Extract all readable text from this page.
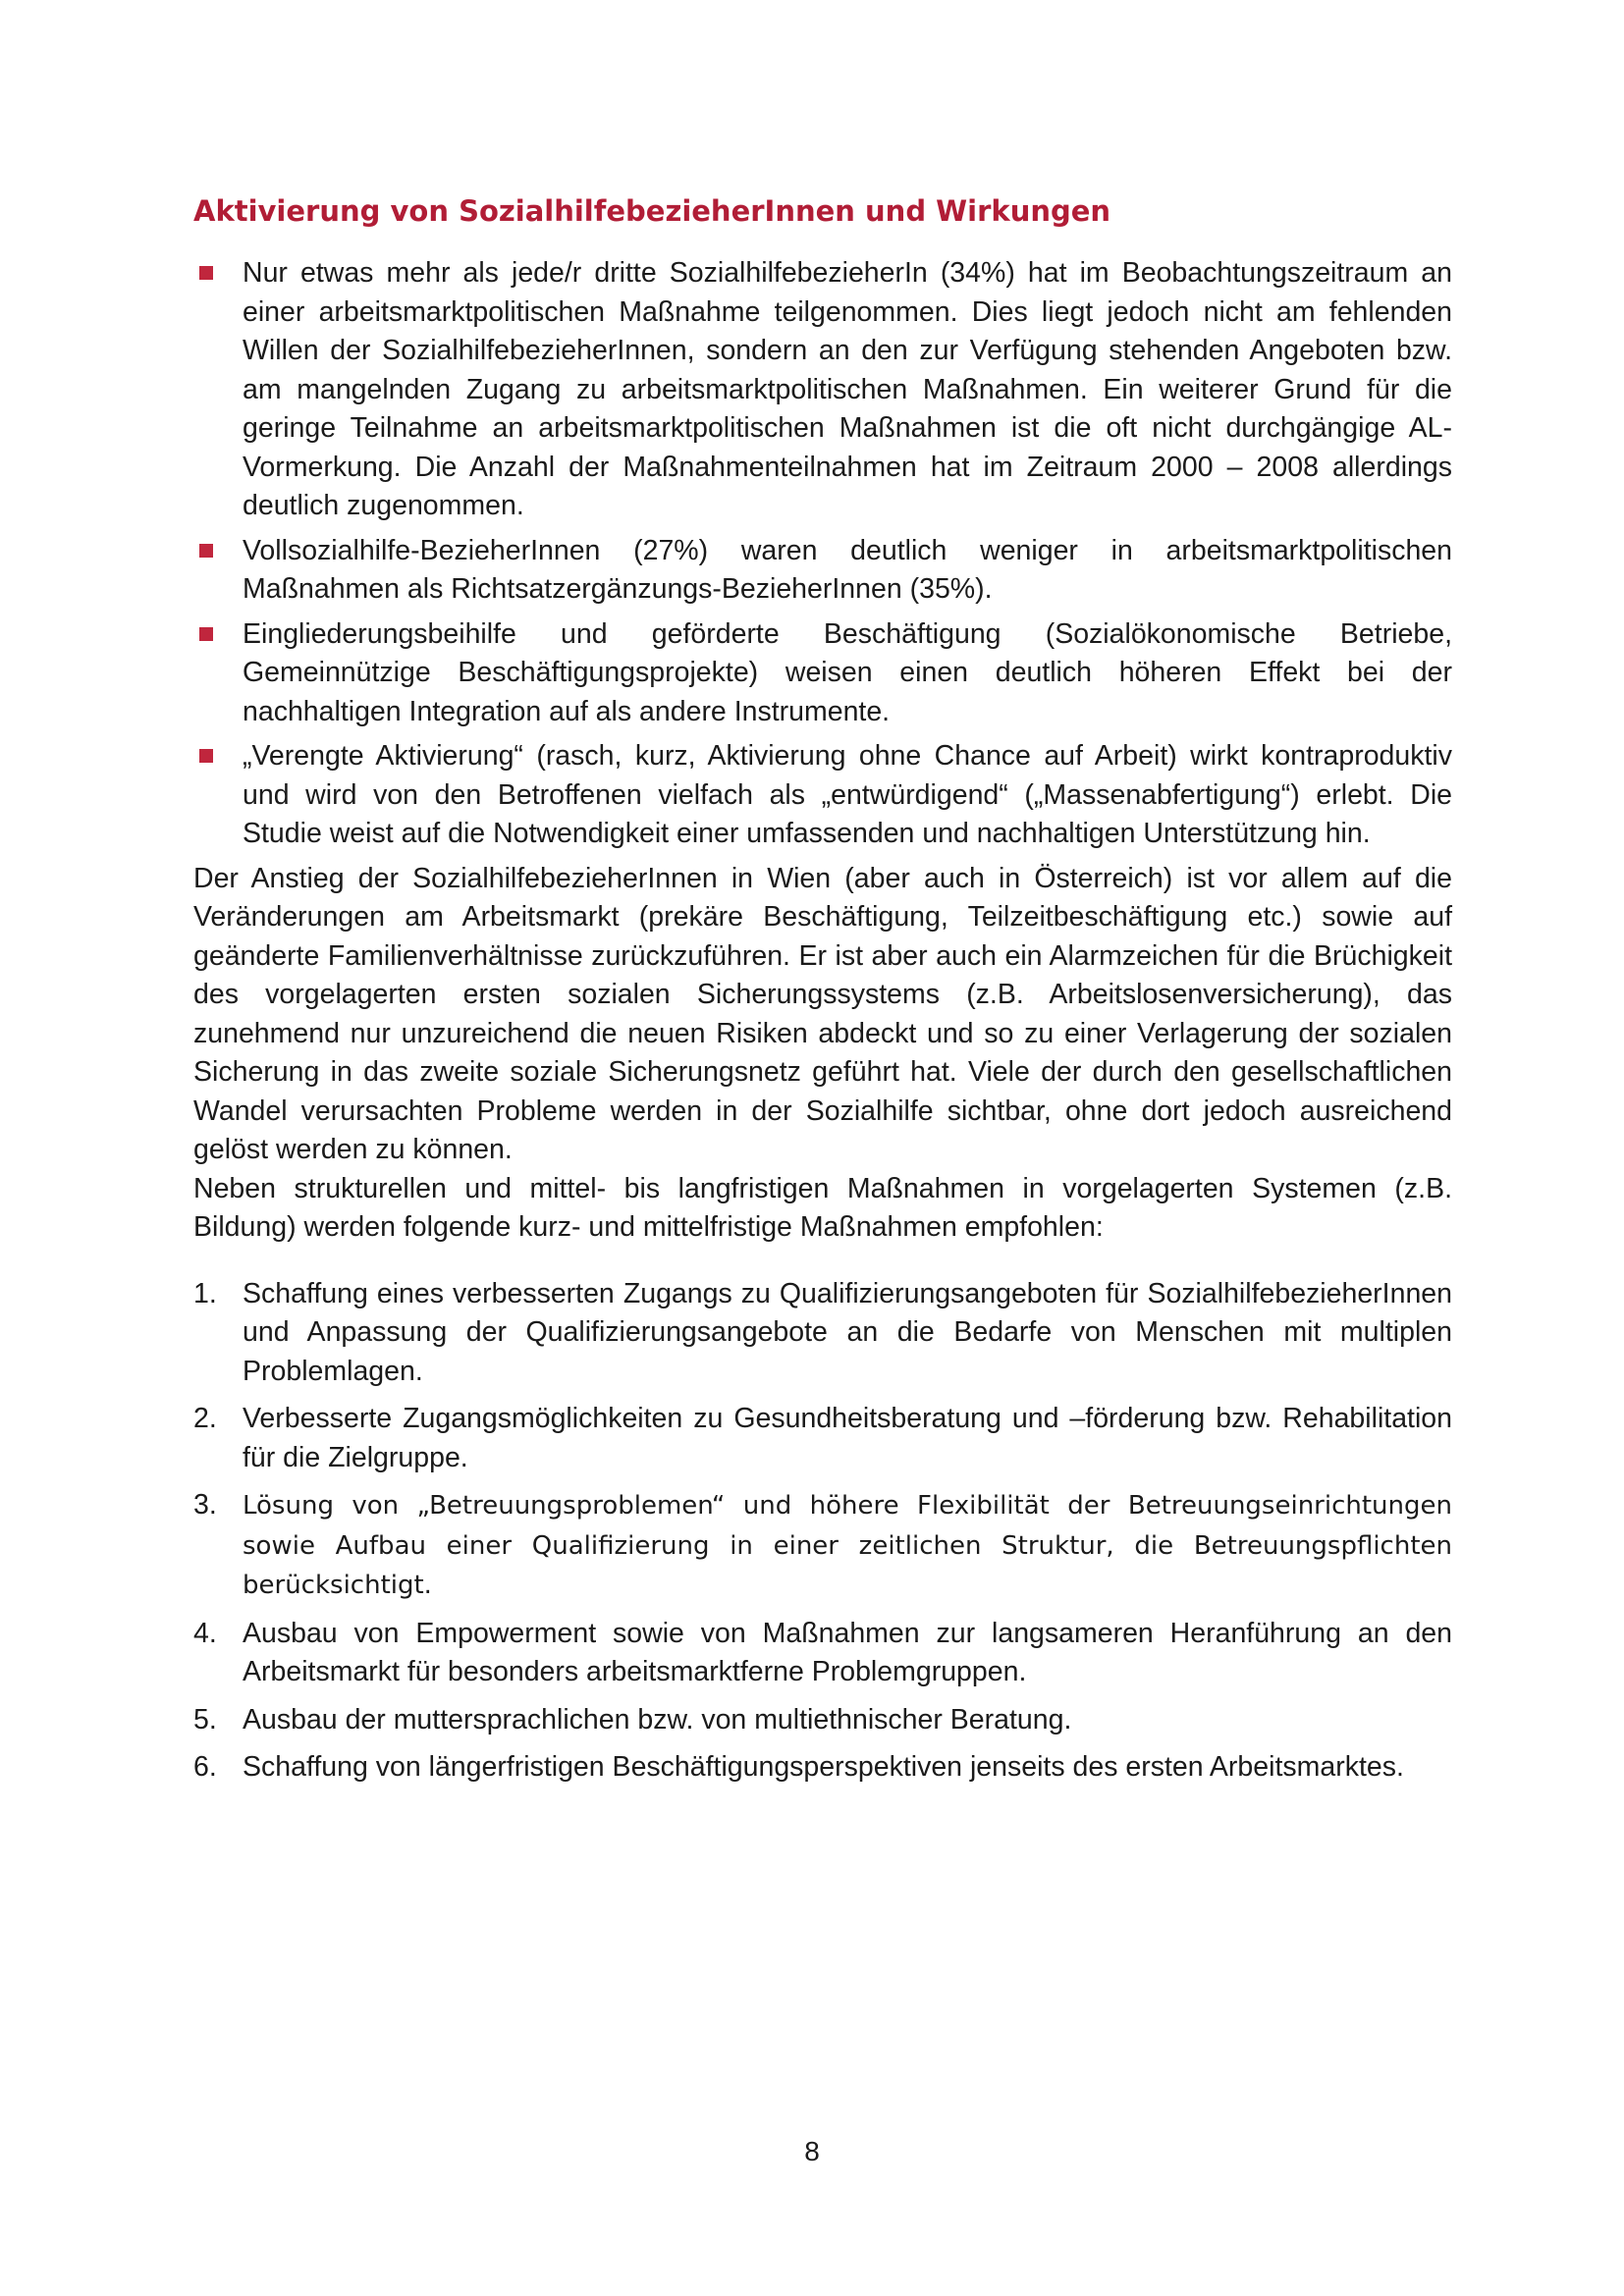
Aktivierung von SozialhilfebezieherInnen und Wirkungen
Nur etwas mehr als jede/r dritte SozialhilfebezieherIn (34%) hat im Beobachtungszeitraum an einer arbeitsmarktpolitischen Maßnahme teilgenommen. Dies liegt jedoch nicht am fehlenden Willen der SozialhilfebezieherInnen, sondern an den zur Verfügung stehenden Angeboten bzw. am mangelnden Zugang zu arbeitsmarktpolitischen Maßnahmen. Ein weiterer Grund für die geringe Teilnahme an arbeitsmarktpolitischen Maßnahmen ist die oft nicht durchgängige AL-Vormerkung. Die Anzahl der Maßnahmenteilnahmen hat im Zeitraum 2000 – 2008 allerdings deutlich zugenommen.
Vollsozialhilfe-BezieherInnen (27%) waren deutlich weniger in arbeitsmarktpolitischen Maßnahmen als Richtsatzergänzungs-BezieherInnen (35%).
Eingliederungsbeihilfe und geförderte Beschäftigung (Sozialökonomische Betriebe, Gemeinnützige Beschäftigungsprojekte) weisen einen deutlich höheren Effekt bei der nachhaltigen Integration auf als andere Instrumente.
„Verengte Aktivierung“ (rasch, kurz, Aktivierung ohne Chance auf Arbeit) wirkt kontraproduktiv und wird von den Betroffenen vielfach als „entwürdigend“ („Massenabfertigung“) erlebt. Die Studie weist auf die Notwendigkeit einer umfassenden und nachhaltigen Unterstützung hin.

Der Anstieg der SozialhilfebezieherInnen in Wien (aber auch in Österreich) ist vor allem auf die Veränderungen am Arbeitsmarkt (prekäre Beschäftigung, Teilzeitbeschäftigung etc.) sowie auf geänderte Familienverhältnisse zurückzuführen. Er ist aber auch ein Alarmzeichen für die Brüchigkeit des vorgelagerten ersten sozialen Sicherungssystems (z.B. Arbeitslosenversicherung), das zunehmend nur unzureichend die neuen Risiken abdeckt und so zu einer Verlagerung der sozialen Sicherung in das zweite soziale Sicherungsnetz geführt hat. Viele der durch den gesellschaftlichen Wandel verursachten Probleme werden in der Sozialhilfe sichtbar, ohne dort jedoch ausreichend gelöst werden zu können.

Neben strukturellen und mittel- bis langfristigen Maßnahmen in vorgelagerten Systemen (z.B. Bildung) werden folgende kurz- und mittelfristige Maßnahmen empfohlen:

1. Schaffung eines verbesserten Zugangs zu Qualifizierungsangeboten für SozialhilfebezieherInnen und Anpassung der Qualifizierungsangebote an die Bedarfe von Menschen mit multiplen Problemlagen.
2. Verbesserte Zugangsmöglichkeiten zu Gesundheitsberatung und –förderung bzw. Rehabilitation für die Zielgruppe.
3. Lösung von „Betreuungsproblemen“ und höhere Flexibilität der Betreuungseinrichtungen sowie Aufbau einer Qualifizierung in einer zeitlichen Struktur, die Betreuungspflichten berücksichtigt.
4. Ausbau von Empowerment sowie von Maßnahmen zur langsameren Heranführung an den Arbeitsmarkt für besonders arbeitsmarktferne Problemgruppen.
5. Ausbau der muttersprachlichen bzw. von multiethnischer Beratung.
6. Schaffung von längerfristigen Beschäftigungsperspektiven jenseits des ersten Arbeitsmarktes.
8
